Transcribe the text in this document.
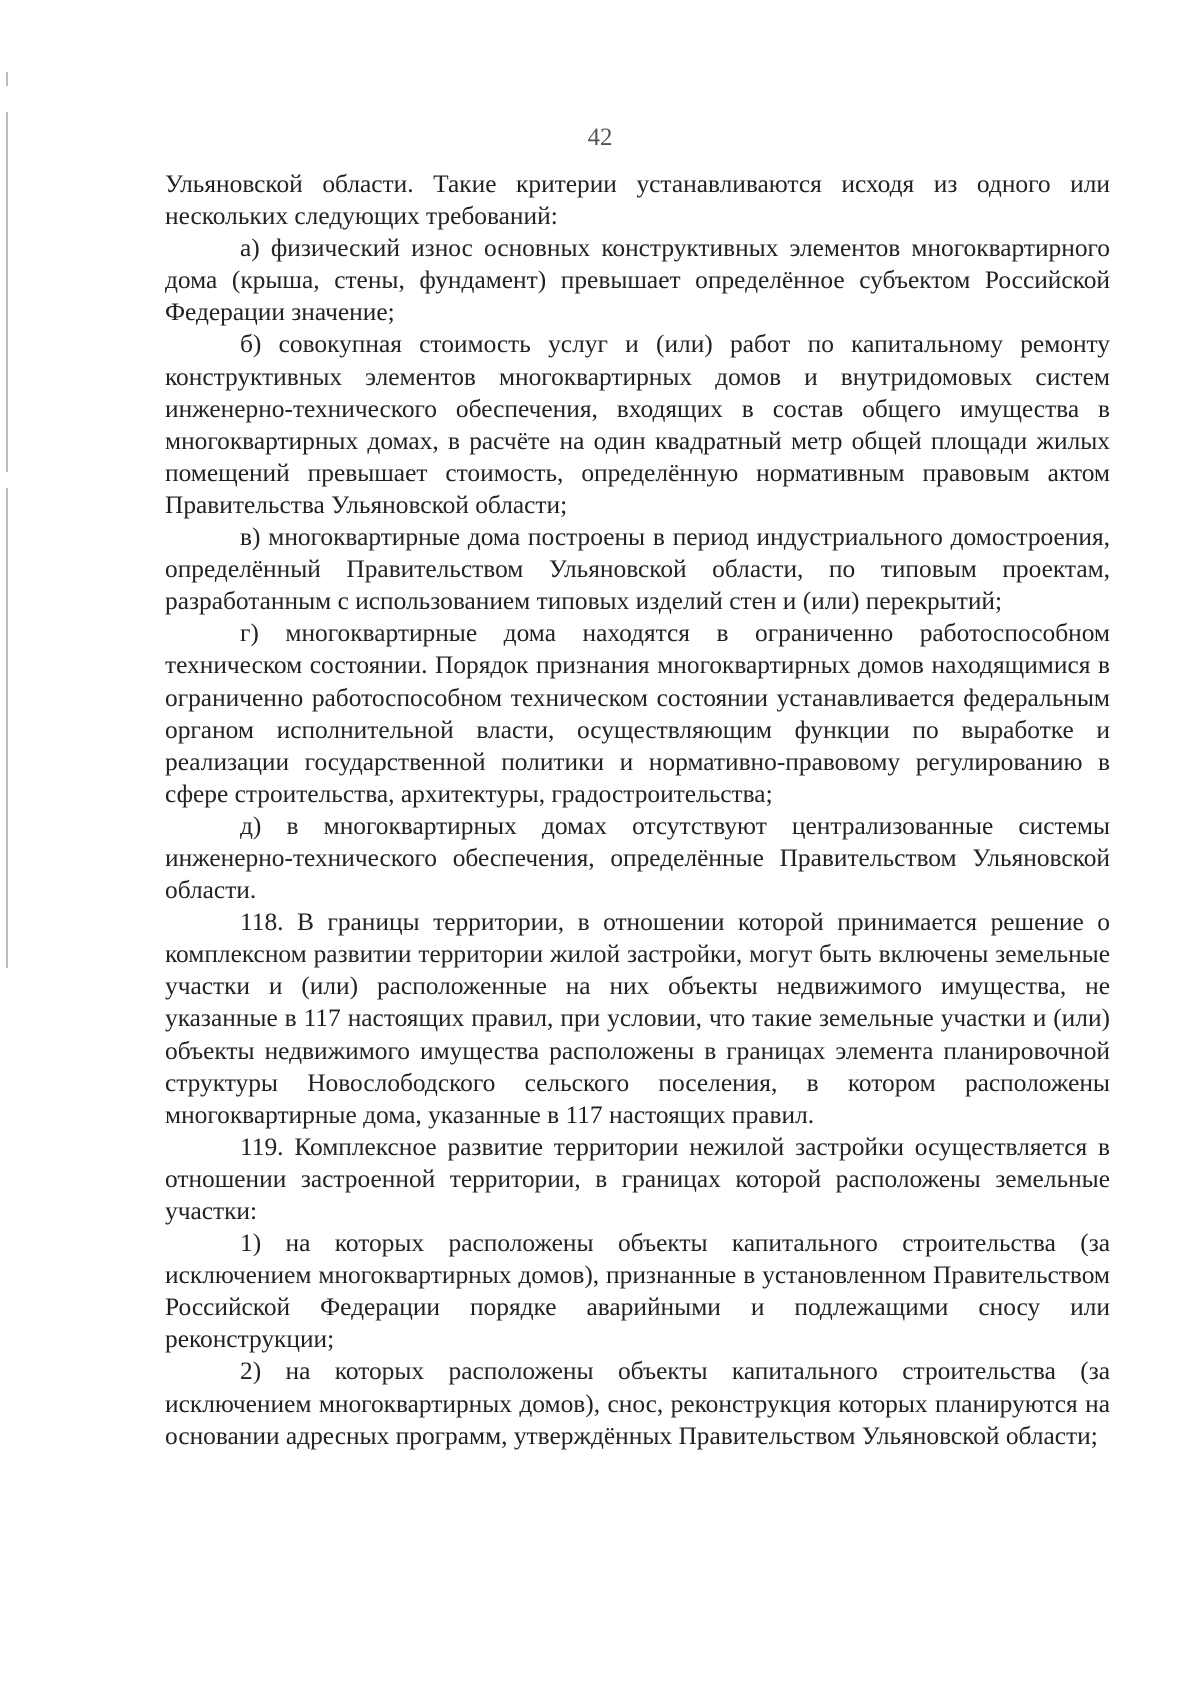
42

Ульяновской области. Такие критерии устанавливаются исходя из одного или нескольких следующих требований:

а) физический износ основных конструктивных элементов многоквартирного дома (крыша, стены, фундамент) превышает определённое субъектом Российской Федерации значение;

б) совокупная стоимость услуг и (или) работ по капитальному ремонту конструктивных элементов многоквартирных домов и внутридомовых систем инженерно-технического обеспечения, входящих в состав общего имущества в многоквартирных домах, в расчёте на один квадратный метр общей площади жилых помещений превышает стоимость, определённую нормативным правовым актом Правительства Ульяновской области;

в) многоквартирные дома построены в период индустриального домостроения, определённый Правительством Ульяновской области, по типовым проектам, разработанным с использованием типовых изделий стен и (или) перекрытий;

г) многоквартирные дома находятся в ограниченно работоспособном техническом состоянии. Порядок признания многоквартирных домов находящимися в ограниченно работоспособном техническом состоянии устанавливается федеральным органом исполнительной власти, осуществляющим функции по выработке и реализации государственной политики и нормативно-правовому регулированию в сфере строительства, архитектуры, градостроительства;

д) в многоквартирных домах отсутствуют централизованные системы инженерно-технического обеспечения, определённые Правительством Ульяновской области.

118. В границы территории, в отношении которой принимается решение о комплексном развитии территории жилой застройки, могут быть включены земельные участки и (или) расположенные на них объекты недвижимого имущества, не указанные в 117 настоящих правил, при условии, что такие земельные участки и (или) объекты недвижимого имущества расположены в границах элемента планировочной структуры Новослободского сельского поселения, в котором расположены многоквартирные дома, указанные в 117 настоящих правил.

119. Комплексное развитие территории нежилой застройки осуществляется в отношении застроенной территории, в границах которой расположены земельные участки:

1) на которых расположены объекты капитального строительства (за исключением многоквартирных домов), признанные в установленном Правительством Российской Федерации порядке аварийными и подлежащими сносу или реконструкции;

2) на которых расположены объекты капитального строительства (за исключением многоквартирных домов), снос, реконструкция которых планируются на основании адресных программ, утверждённых Правительством Ульяновской области;
